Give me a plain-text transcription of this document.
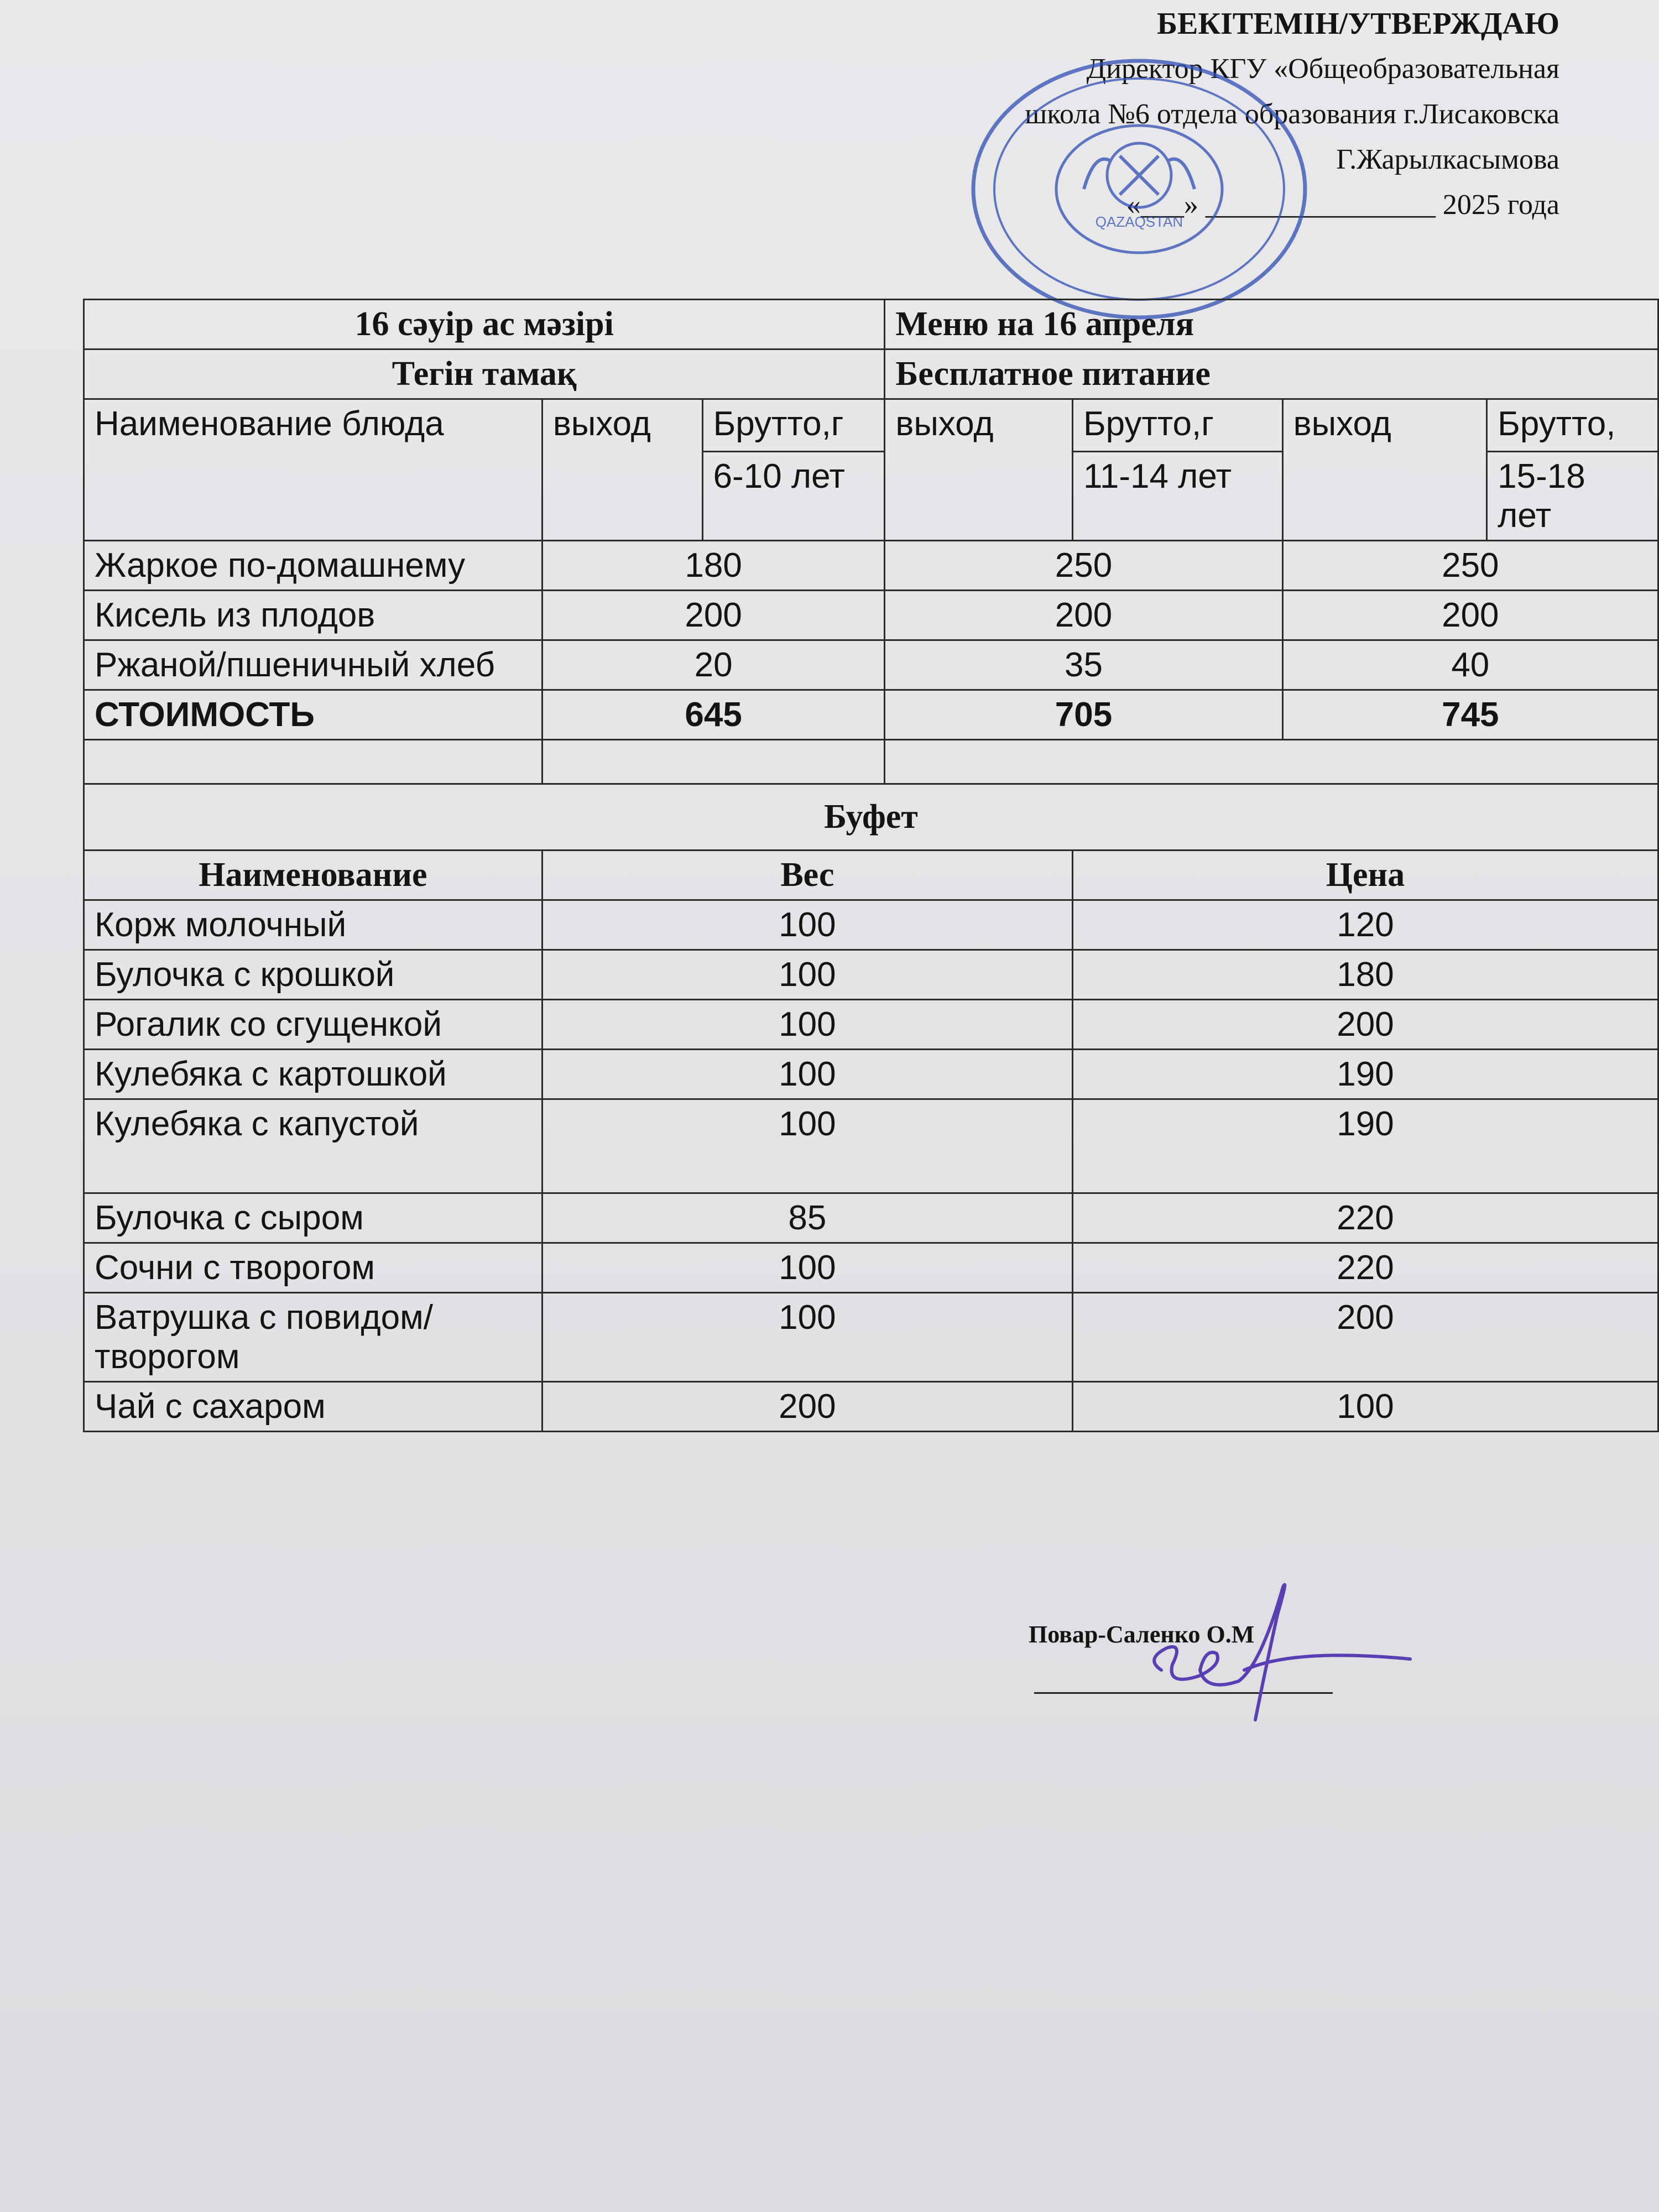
БЕКІТЕМІН/УТВЕРЖДАЮ
Директор КГУ «Общеобразовательная
школа №6 отдела образования г.Лисаковска
Г.Жарылкасымова
«___» ________________ 2025 года
QAZAQSTAN
16 сәуір ас мәзірі			Меню на 16 апреля			
Тегін тамақ			Бесплатное питание			
Наименование блюда	выход	Брутто,г	выход	Брутто,г	выход	Брутто,
		6-10 лет		11-14 лет		15-18 лет
Жаркое по-домашнему	180		250		250	
Кисель из плодов	200		200		200	
Ржаной/пшеничный хлеб	20		35		40	
СТОИМОСТЬ	645		705		745	

Буфет						
Наименование	Вес			Цена		
Корж молочный	100			120		
Булочка с крошкой	100			180		
Рогалик со сгущенкой	100			200		
Кулебяка с картошкой	100			190		
Кулебяка с капустой	100			190		
Булочка с сыром	85			220		
Сочни с творогом	100			220		
Ватрушка с повидом/творогом	100			200		
Чай с сахаром	200			100		
Повар-Саленко О.М
